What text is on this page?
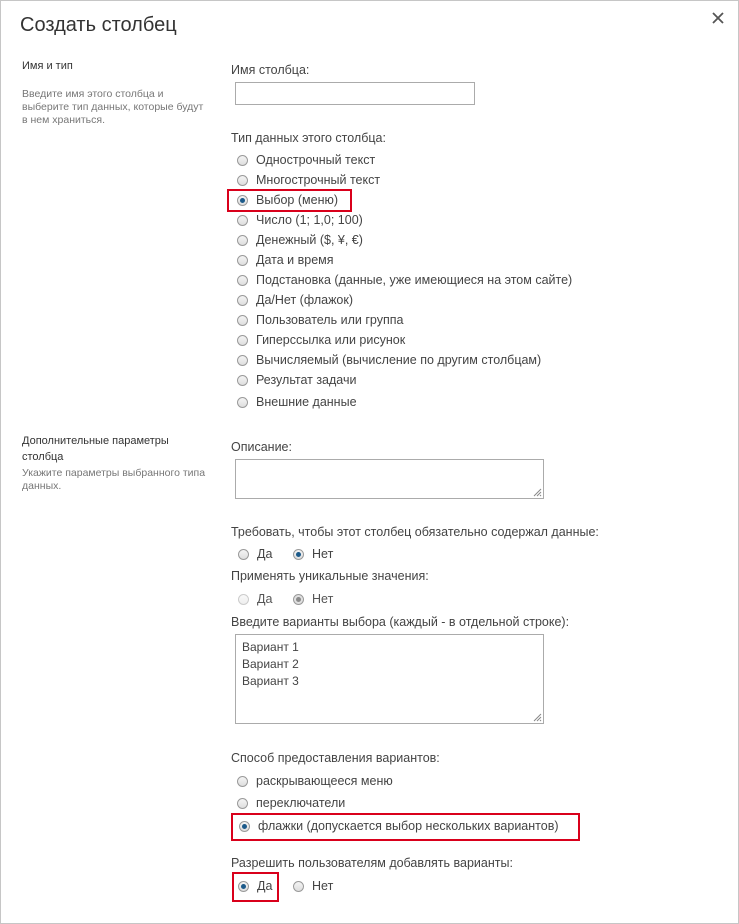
Создать столбец
Имя и тип
Введите имя этого столбца и выберите тип данных, которые будут в нем храниться.
Имя столбца:
Тип данных этого столбца:
Однострочный текст
Многострочный текст
Выбор (меню)
Число (1; 1,0; 100)
Денежный ($, ¥, €)
Дата и время
Подстановка (данные, уже имеющиеся на этом сайте)
Да/Нет (флажок)
Пользователь или группа
Гиперссылка или рисунок
Вычисляемый (вычисление по другим столбцам)
Результат задачи
Внешние данные
Дополнительные параметры столбца
Укажите параметры выбранного типа данных.
Описание:
Требовать, чтобы этот столбец обязательно содержал данные:
Да	Нет
Применять уникальные значения:
Да	Нет
Введите варианты выбора (каждый - в отдельной строке):
Вариант 1
Вариант 2
Вариант 3
Способ предоставления вариантов:
раскрывающееся меню
переключатели
флажки (допускается выбор нескольких вариантов)
Разрешить пользователям добавлять варианты:
Да	Нет
